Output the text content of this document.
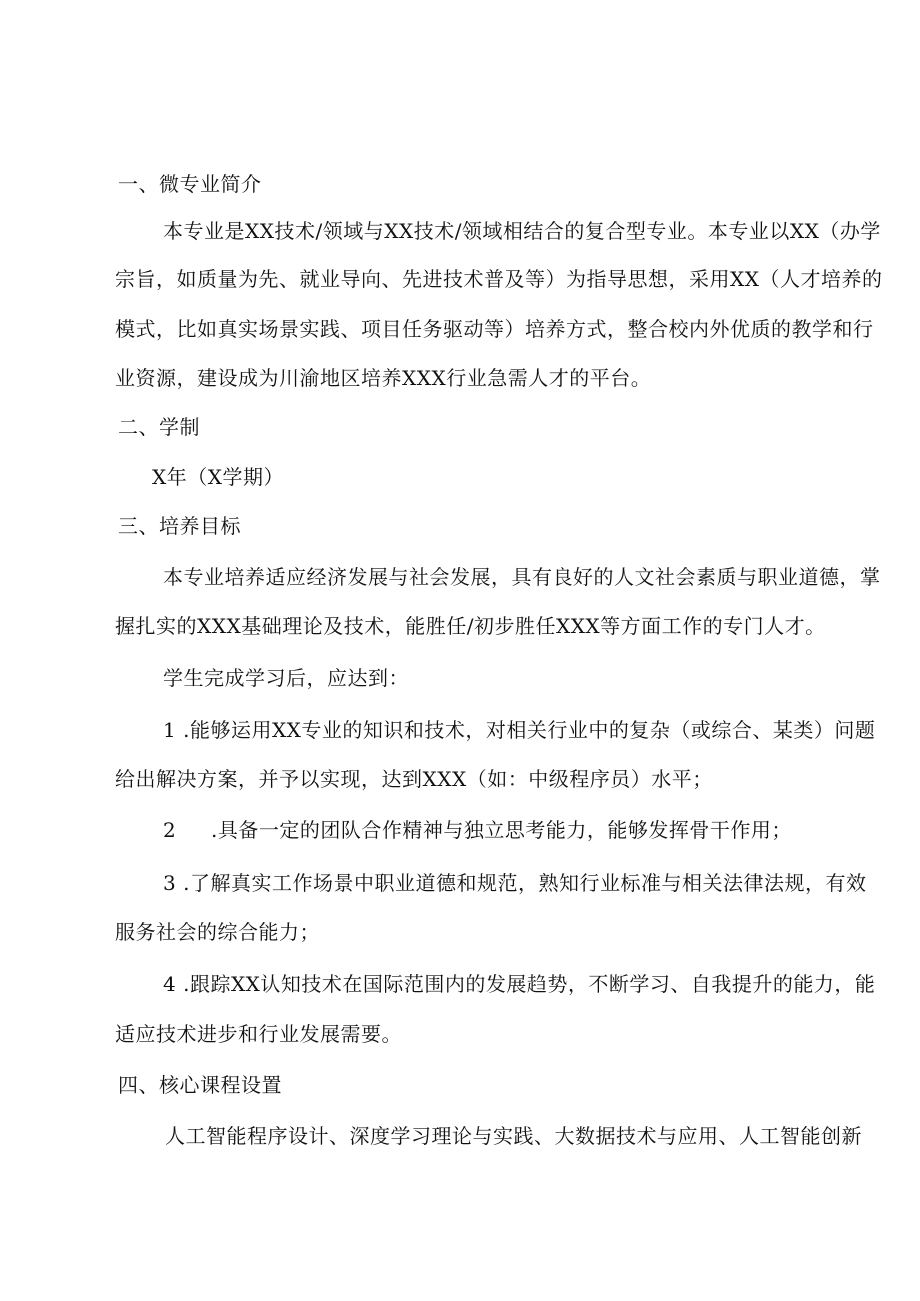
一、微专业简介
本专业是XX技术/领域与XX技术/领域相结合的复合型专业。本专业以XX（办学
宗旨，如质量为先、就业导向、先进技术普及等）为指导思想，采用XX（人才培养的
模式，比如真实场景实践、项目任务驱动等）培养方式，整合校内外优质的教学和行
业资源，建设成为川渝地区培养XXX行业急需人才的平台。
二、学制
X年（X学期）
三、培养目标
本专业培养适应经济发展与社会发展，具有良好的人文社会素质与职业道德，掌
握扎实的XXX基础理论及技术，能胜任/初步胜任XXX等方面工作的专门人才。
学生完成学习后，应达到：
1 .能够运用XX专业的知识和技术，对相关行业中的复杂（或综合、某类）问题
给出解决方案，并予以实现，达到XXX（如：中级程序员）水平；
2 .具备一定的团队合作精神与独立思考能力，能够发挥骨干作用；
3 .了解真实工作场景中职业道德和规范，熟知行业标准与相关法律法规，有效
服务社会的综合能力；
4 .跟踪XX认知技术在国际范围内的发展趋势，不断学习、自我提升的能力，能
适应技术进步和行业发展需要。
四、核心课程设置
人工智能程序设计、深度学习理论与实践、大数据技术与应用、人工智能创新
